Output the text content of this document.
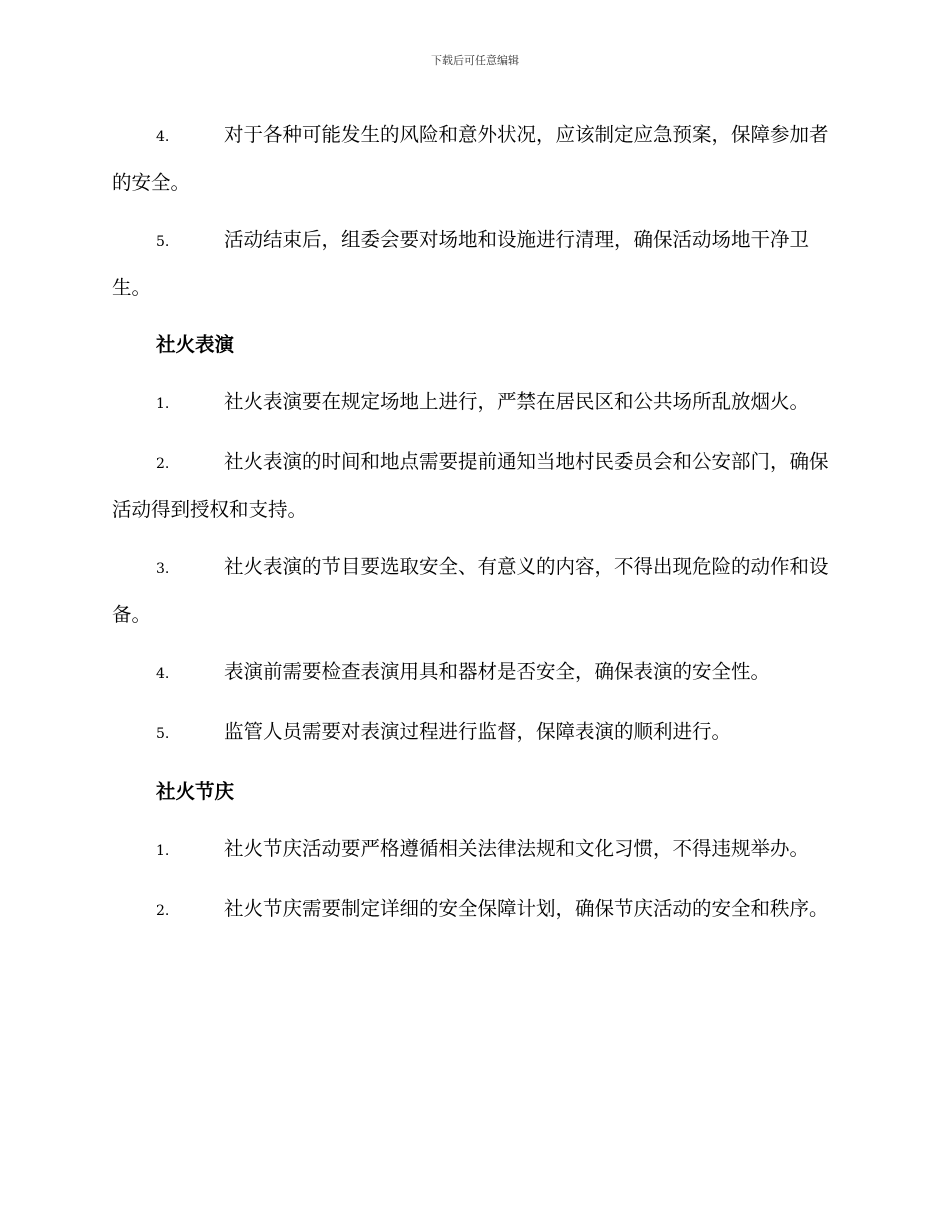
下载后可任意编辑

4.	对于各种可能发生的风险和意外状况，应该制定应急预案，保障参加者的安全。

5.	活动结束后，组委会要对场地和设施进行清理，确保活动场地干净卫生。

社火表演

1.	社火表演要在规定场地上进行，严禁在居民区和公共场所乱放烟火。

2.	社火表演的时间和地点需要提前通知当地村民委员会和公安部门，确保活动得到授权和支持。

3.	社火表演的节目要选取安全、有意义的内容，不得出现危险的动作和设备。

4.	表演前需要检查表演用具和器材是否安全，确保表演的安全性。

5.	监管人员需要对表演过程进行监督，保障表演的顺利进行。

社火节庆

1.	社火节庆活动要严格遵循相关法律法规和文化习惯，不得违规举办。

2.	社火节庆需要制定详细的安全保障计划，确保节庆活动的安全和秩序。
